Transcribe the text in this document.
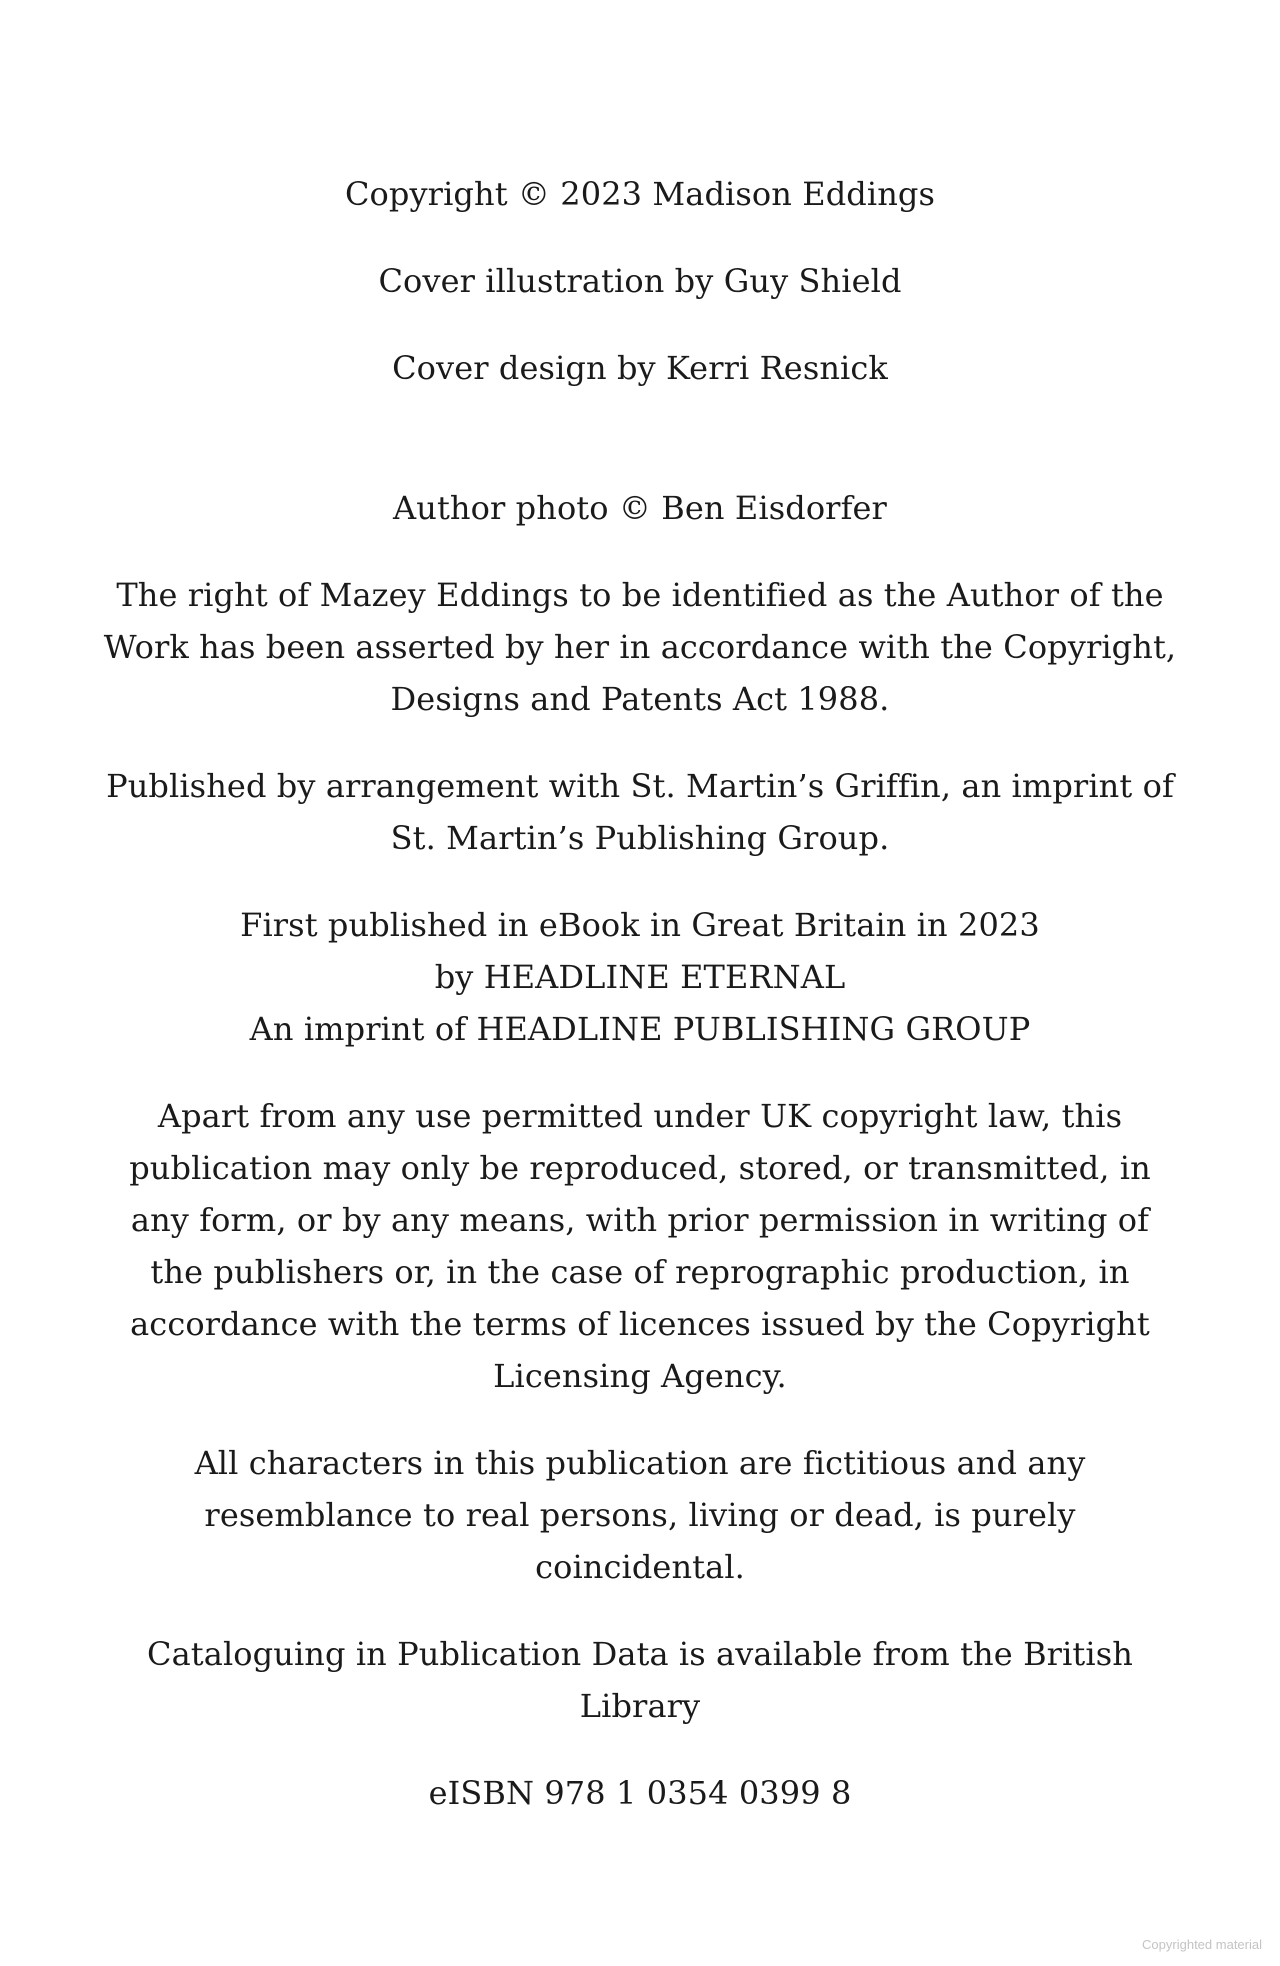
Copyright © 2023 Madison Eddings

Cover illustration by Guy Shield

Cover design by Kerri Resnick

Author photo © Ben Eisdorfer

The right of Mazey Eddings to be identified as the Author of the
Work has been asserted by her in accordance with the Copyright,
Designs and Patents Act 1988.

Published by arrangement with St. Martin’s Griffin, an imprint of
St. Martin’s Publishing Group.

First published in eBook in Great Britain in 2023
by HEADLINE ETERNAL
An imprint of HEADLINE PUBLISHING GROUP

Apart from any use permitted under UK copyright law, this
publication may only be reproduced, stored, or transmitted, in
any form, or by any means, with prior permission in writing of
the publishers or, in the case of reprographic production, in
accordance with the terms of licences issued by the Copyright
Licensing Agency.

All characters in this publication are fictitious and any
resemblance to real persons, living or dead, is purely
coincidental.

Cataloguing in Publication Data is available from the British
Library

eISBN 978 1 0354 0399 8

Copyrighted material
